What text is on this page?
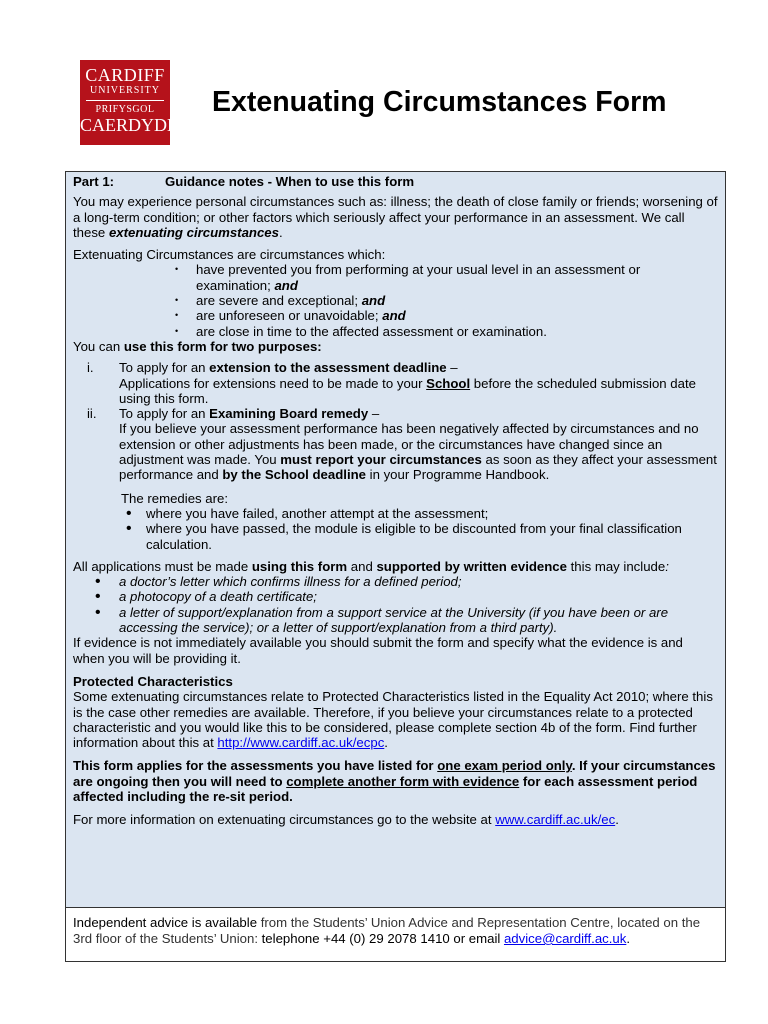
CARDIFF
UNIVERSITY
PRIFYSGOL
CAERDYDD
Extenuating Circumstances Form

Part 1:	Guidance notes - When to use this form

You may experience personal circumstances such as: illness; the death of close family or friends; worsening of a long-term condition; or other factors which seriously affect your performance in an assessment. We call these extenuating circumstances.

Extenuating Circumstances are circumstances which:

• have prevented you from performing at your usual level in an assessment or examination; and
• are severe and exceptional; and
• are unforeseen or unavoidable; and
• are close in time to the affected assessment or examination.

You can use this form for two purposes:

i. To apply for an extension to the assessment deadline –

Applications for extensions need to be made to your School before the scheduled submission date using this form.

ii. To apply for an Examining Board remedy –

If you believe your assessment performance has been negatively affected by circumstances and no extension or other adjustments has been made, or the circumstances have changed since an adjustment was made. You must report your circumstances as soon as they affect your assessment performance and by the School deadline in your Programme Handbook.

The remedies are:

• where you have failed, another attempt at the assessment;
• where you have passed, the module is eligible to be discounted from your final classification calculation.

All applications must be made using this form and supported by written evidence this may include:

• a doctor’s letter which confirms illness for a defined period;
• a photocopy of a death certificate;
• a letter of support/explanation from a support service at the University (if you have been or are accessing the service); or a letter of support/explanation from a third party).

If evidence is not immediately available you should submit the form and specify what the evidence is and when you will be providing it.

Protected Characteristics

Some extenuating circumstances relate to Protected Characteristics listed in the Equality Act 2010; where this is the case other remedies are available. Therefore, if you believe your circumstances relate to a protected characteristic and you would like this to be considered, please complete section 4b of the form. Find further information about this at http://www.cardiff.ac.uk/ecpc.

This form applies for the assessments you have listed for one exam period only. If your circumstances are ongoing then you will need to complete another form with evidence for each assessment period affected including the re-sit period.

For more information on extenuating circumstances go to the website at www.cardiff.ac.uk/ec.

Independent advice is available from the Students’ Union Advice and Representation Centre, located on the 3rd floor of the Students’ Union: telephone +44 (0) 29 2078 1410 or email advice@cardiff.ac.uk.
